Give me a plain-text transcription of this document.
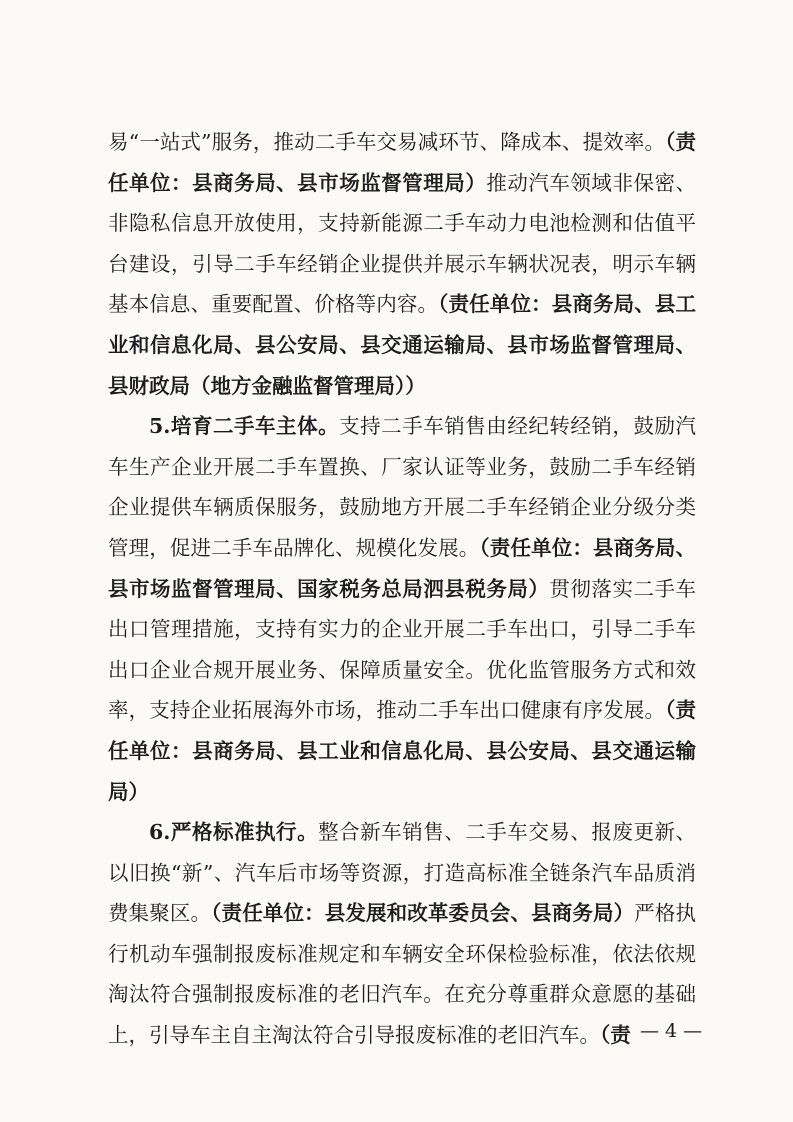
易“一站式”服务，推动二手车交易减环节、降成本、提效率。（责任单位：县商务局、县市场监督管理局）推动汽车领域非保密、非隐私信息开放使用，支持新能源二手车动力电池检测和估值平台建设，引导二手车经销企业提供并展示车辆状况表，明示车辆基本信息、重要配置、价格等内容。（责任单位：县商务局、县工业和信息化局、县公安局、县交通运输局、县市场监督管理局、县财政局（地方金融监督管理局））

5.培育二手车主体。支持二手车销售由经纪转经销，鼓励汽车生产企业开展二手车置换、厂家认证等业务，鼓励二手车经销企业提供车辆质保服务，鼓励地方开展二手车经销企业分级分类管理，促进二手车品牌化、规模化发展。（责任单位：县商务局、县市场监督管理局、国家税务总局泗县税务局）贯彻落实二手车出口管理措施，支持有实力的企业开展二手车出口，引导二手车出口企业合规开展业务、保障质量安全。优化监管服务方式和效率，支持企业拓展海外市场，推动二手车出口健康有序发展。（责任单位：县商务局、县工业和信息化局、县公安局、县交通运输局）

6.严格标准执行。整合新车销售、二手车交易、报废更新、以旧换“新”、汽车后市场等资源，打造高标准全链条汽车品质消费集聚区。（责任单位：县发展和改革委员会、县商务局）严格执行机动车强制报废标准规定和车辆安全环保检验标准，依法依规淘汰符合强制报废标准的老旧汽车。在充分尊重群众意愿的基础上，引导车主自主淘汰符合引导报废标准的老旧汽车。（责 — 4 —
